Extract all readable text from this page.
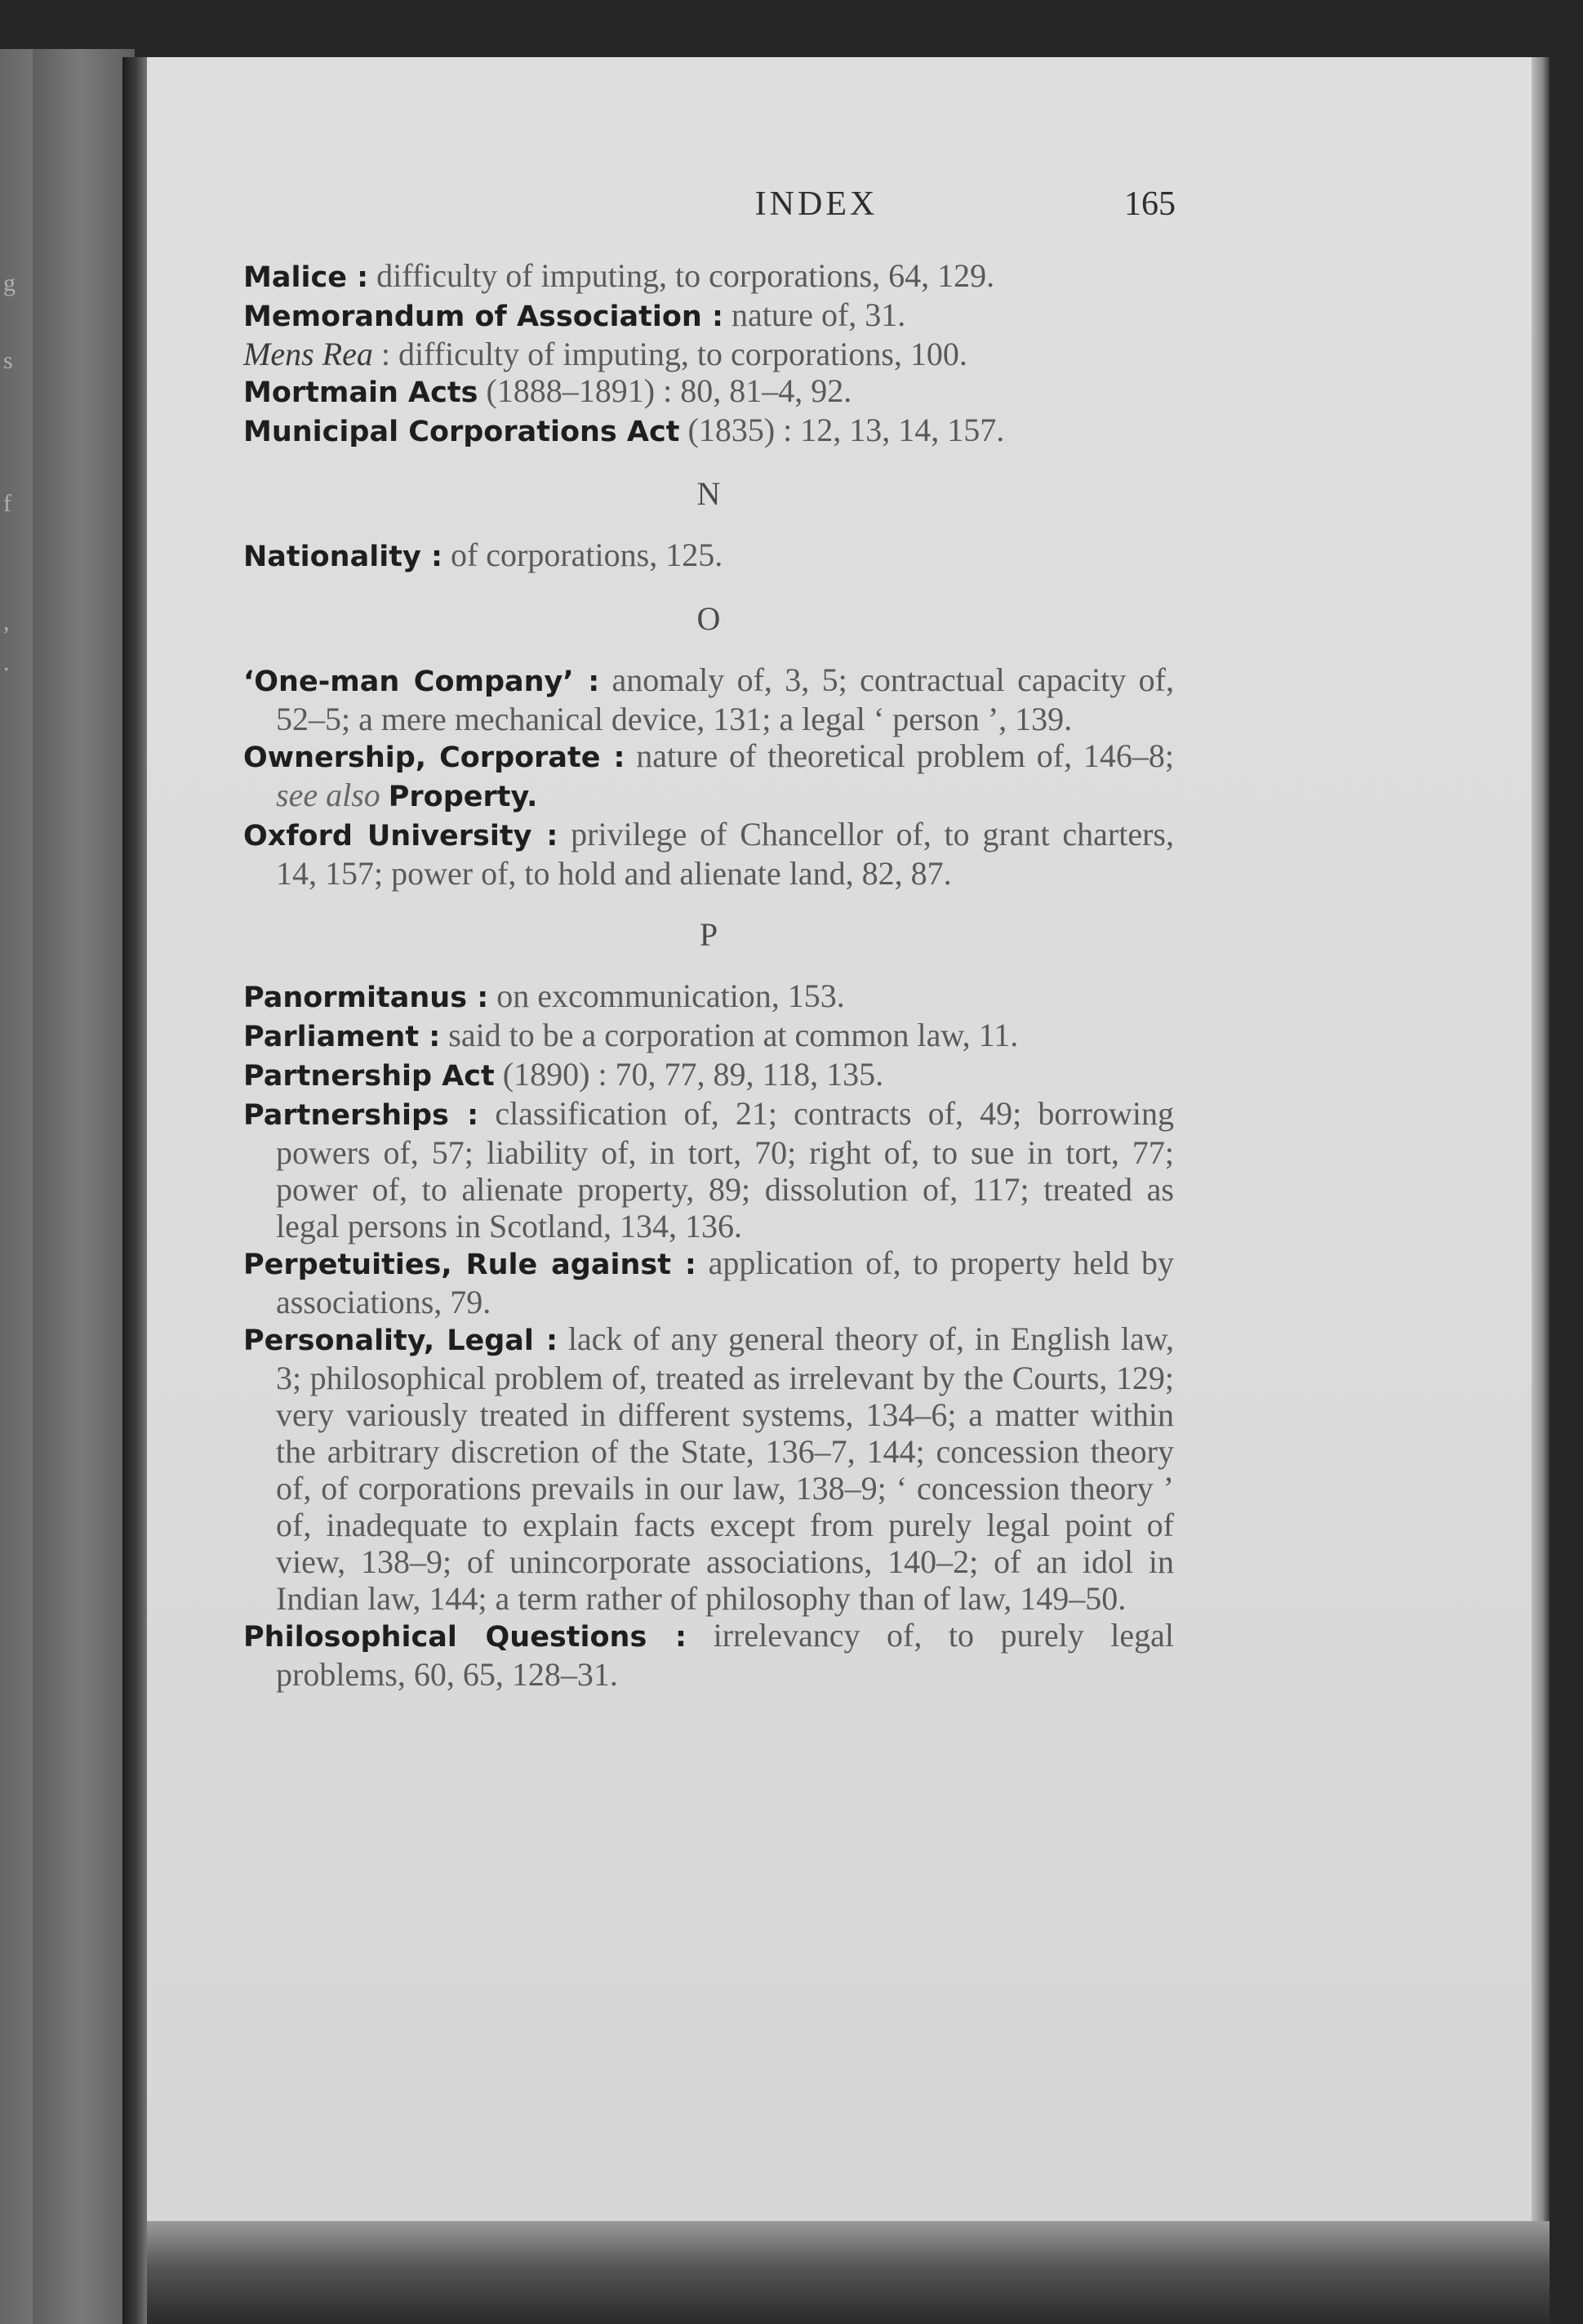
g
s
f
,
.
INDEX	165
Malice : difficulty of imputing, to corporations, 64, 129.
Memorandum of Association : nature of, 31.
Mens Rea : difficulty of imputing, to corporations, 100.
Mortmain Acts (1888–1891) : 80, 81–4, 92.
Municipal Corporations Act (1835) : 12, 13, 14, 157.
N
Nationality : of corporations, 125.
O
‘One-man Company’ : anomaly of, 3, 5; contractual capacity of, 52–5; a mere mechanical device, 131; a legal ‘ person ’, 139.
Ownership, Corporate : nature of theoretical problem of, 146–8; see also Property.
Oxford University : privilege of Chancellor of, to grant charters, 14, 157; power of, to hold and alienate land, 82, 87.
P
Panormitanus : on excommunication, 153.
Parliament : said to be a corporation at common law, 11.
Partnership Act (1890) : 70, 77, 89, 118, 135.
Partnerships : classification of, 21; contracts of, 49; borrowing powers of, 57; liability of, in tort, 70; right of, to sue in tort, 77; power of, to alienate property, 89; dissolution of, 117; treated as legal persons in Scotland, 134, 136.
Perpetuities, Rule against : application of, to property held by associations, 79.
Personality, Legal : lack of any general theory of, in English law, 3; philosophical problem of, treated as irrelevant by the Courts, 129; very variously treated in different systems, 134–6; a matter within the arbitrary discretion of the State, 136–7, 144; concession theory of, of corporations prevails in our law, 138–9; ‘ concession theory ’ of, inadequate to explain facts except from purely legal point of view, 138–9; of unincorporate associations, 140–2; of an idol in Indian law, 144; a term rather of philosophy than of law, 149–50.
Philosophical Questions : irrelevancy of, to purely legal problems, 60, 65, 128–31.
